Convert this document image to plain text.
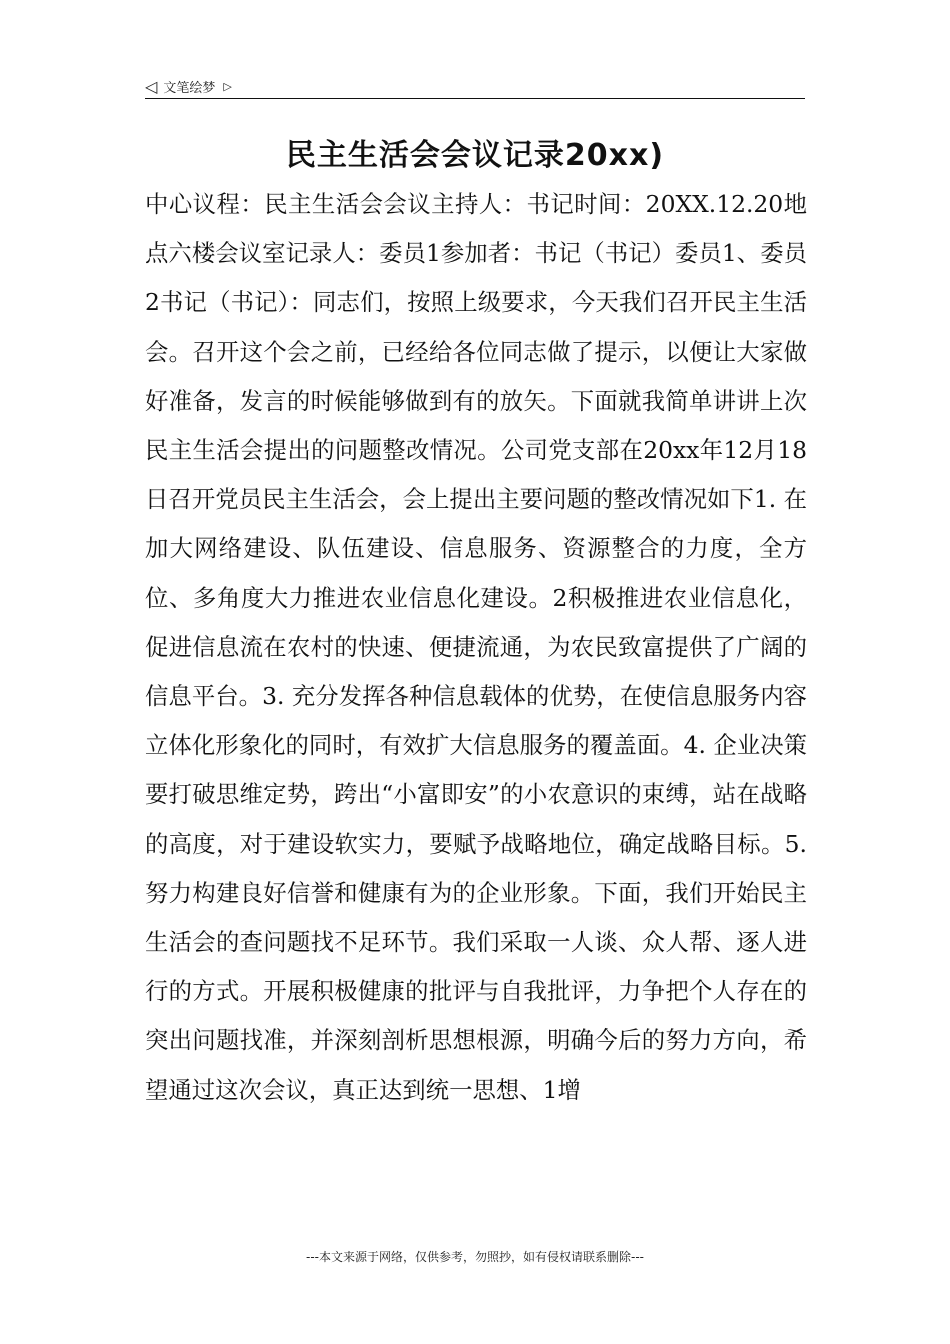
◁ 文笔绘梦 ▷
民主生活会会议记录20xx)
中心议程：民主生活会会议主持人：书记时间：20XX.12.20地点六楼会议室记录人：委员1参加者：书记（书记）委员1、委员2书记（书记）：同志们，按照上级要求，今天我们召开民主生活会。召开这个会之前，已经给各位同志做了提示，以便让大家做好准备，发言的时候能够做到有的放矢。下面就我简单讲讲上次民主生活会提出的问题整改情况。公司党支部在20xx年12月18日召开党员民主生活会，会上提出主要问题的整改情况如下1. 在加大网络建设、队伍建设、信息服务、资源整合的力度，全方位、多角度大力推进农业信息化建设。2积极推进农业信息化，促进信息流在农村的快速、便捷流通，为农民致富提供了广阔的信息平台。3. 充分发挥各种信息载体的优势，在使信息服务内容立体化形象化的同时，有效扩大信息服务的覆盖面。4. 企业决策要打破思维定势，跨出“小富即安”的小农意识的束缚，站在战略的高度，对于建设软实力，要赋予战略地位，确定战略目标。5. 努力构建良好信誉和健康有为的企业形象。下面，我们开始民主生活会的查问题找不足环节。我们采取一人谈、众人帮、逐人进行的方式。开展积极健康的批评与自我批评，力争把个人存在的突出问题找准，并深刻剖析思想根源，明确今后的努力方向，希望通过这次会议，真正达到统一思想、1增
---本文来源于网络，仅供参考，勿照抄，如有侵权请联系删除---
